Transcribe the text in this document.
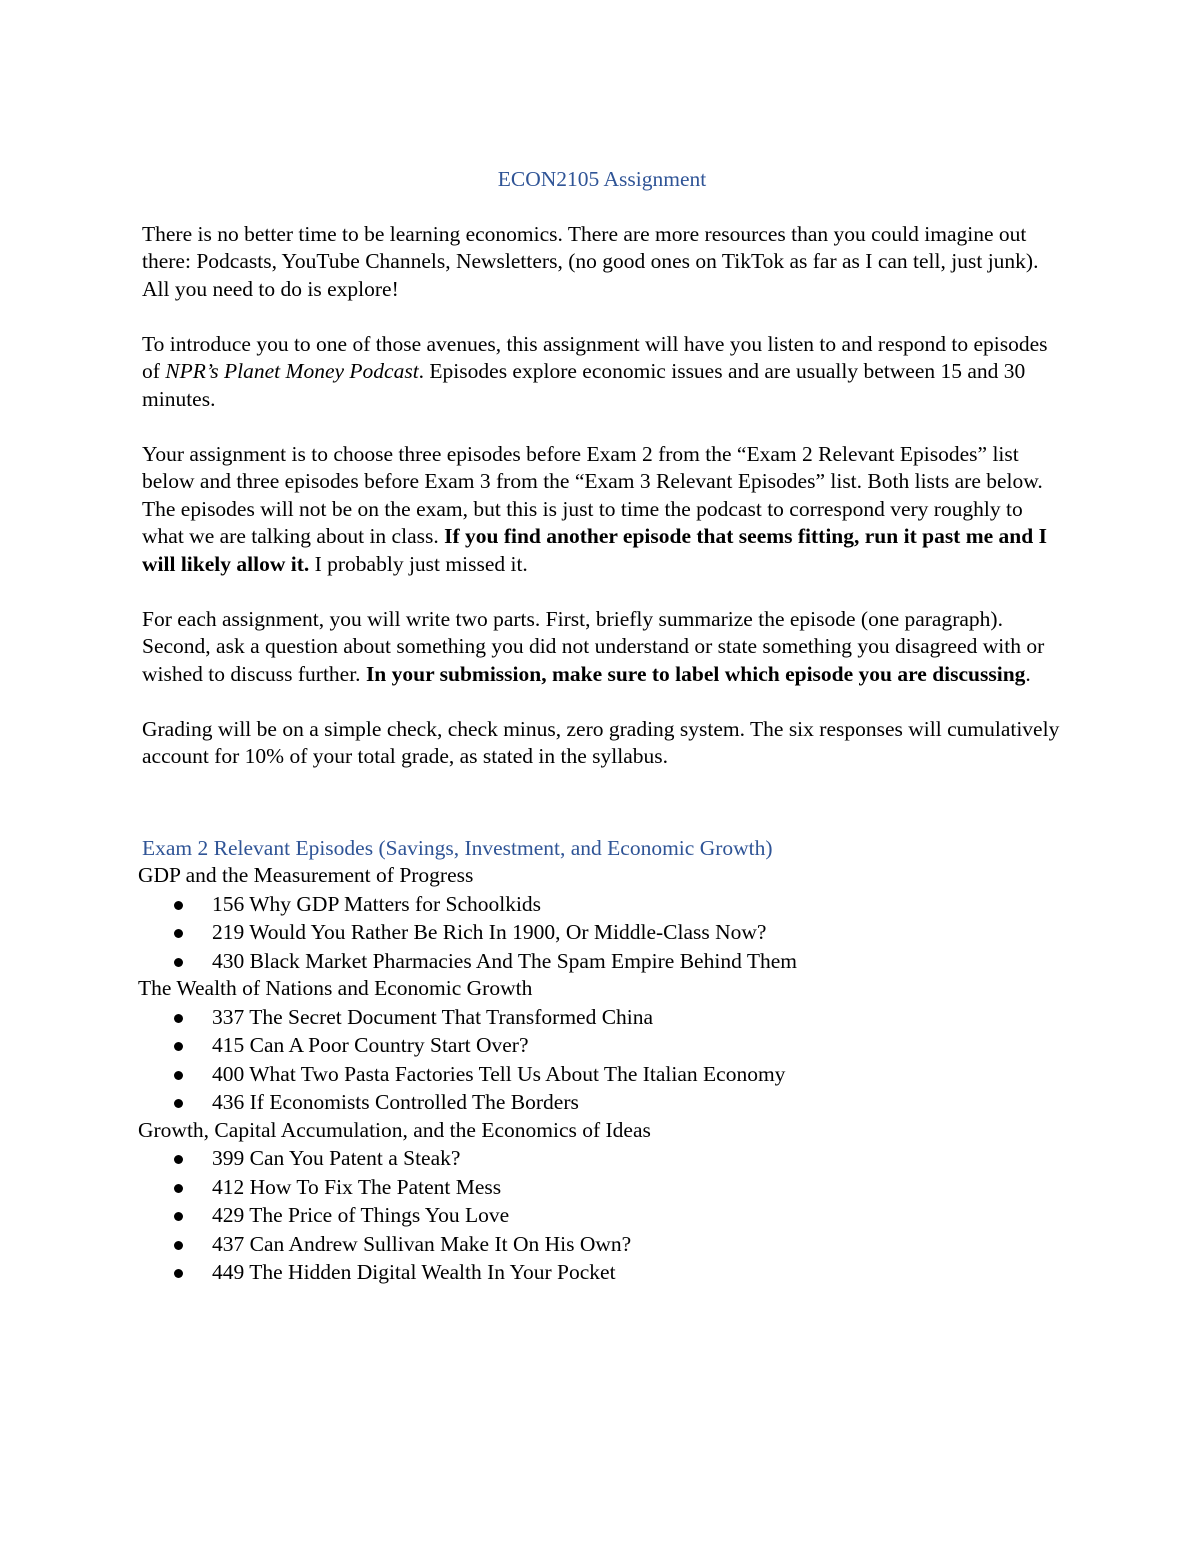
ECON2105 Assignment

There is no better time to be learning economics. There are more resources than you could imagine out there: Podcasts, YouTube Channels, Newsletters, (no good ones on TikTok as far as I can tell, just junk). All you need to do is explore!

To introduce you to one of those avenues, this assignment will have you listen to and respond to episodes of NPR’s Planet Money Podcast. Episodes explore economic issues and are usually between 15 and 30 minutes.

Your assignment is to choose three episodes before Exam 2 from the “Exam 2 Relevant Episodes” list below and three episodes before Exam 3 from the “Exam 3 Relevant Episodes” list. Both lists are below. The episodes will not be on the exam, but this is just to time the podcast to correspond very roughly to what we are talking about in class. If you find another episode that seems fitting, run it past me and I will likely allow it. I probably just missed it.

For each assignment, you will write two parts. First, briefly summarize the episode (one paragraph). Second, ask a question about something you did not understand or state something you disagreed with or wished to discuss further. In your submission, make sure to label which episode you are discussing.

Grading will be on a simple check, check minus, zero grading system. The six responses will cumulatively account for 10% of your total grade, as stated in the syllabus.

Exam 2 Relevant Episodes (Savings, Investment, and Economic Growth)
GDP and the Measurement of Progress
156 Why GDP Matters for Schoolkids
219 Would You Rather Be Rich In 1900, Or Middle-Class Now?
430 Black Market Pharmacies And The Spam Empire Behind Them
The Wealth of Nations and Economic Growth
337 The Secret Document That Transformed China
415 Can A Poor Country Start Over?
400 What Two Pasta Factories Tell Us About The Italian Economy
436 If Economists Controlled The Borders
Growth, Capital Accumulation, and the Economics of Ideas
399 Can You Patent a Steak?
412 How To Fix The Patent Mess
429 The Price of Things You Love
437 Can Andrew Sullivan Make It On His Own?
449 The Hidden Digital Wealth In Your Pocket
